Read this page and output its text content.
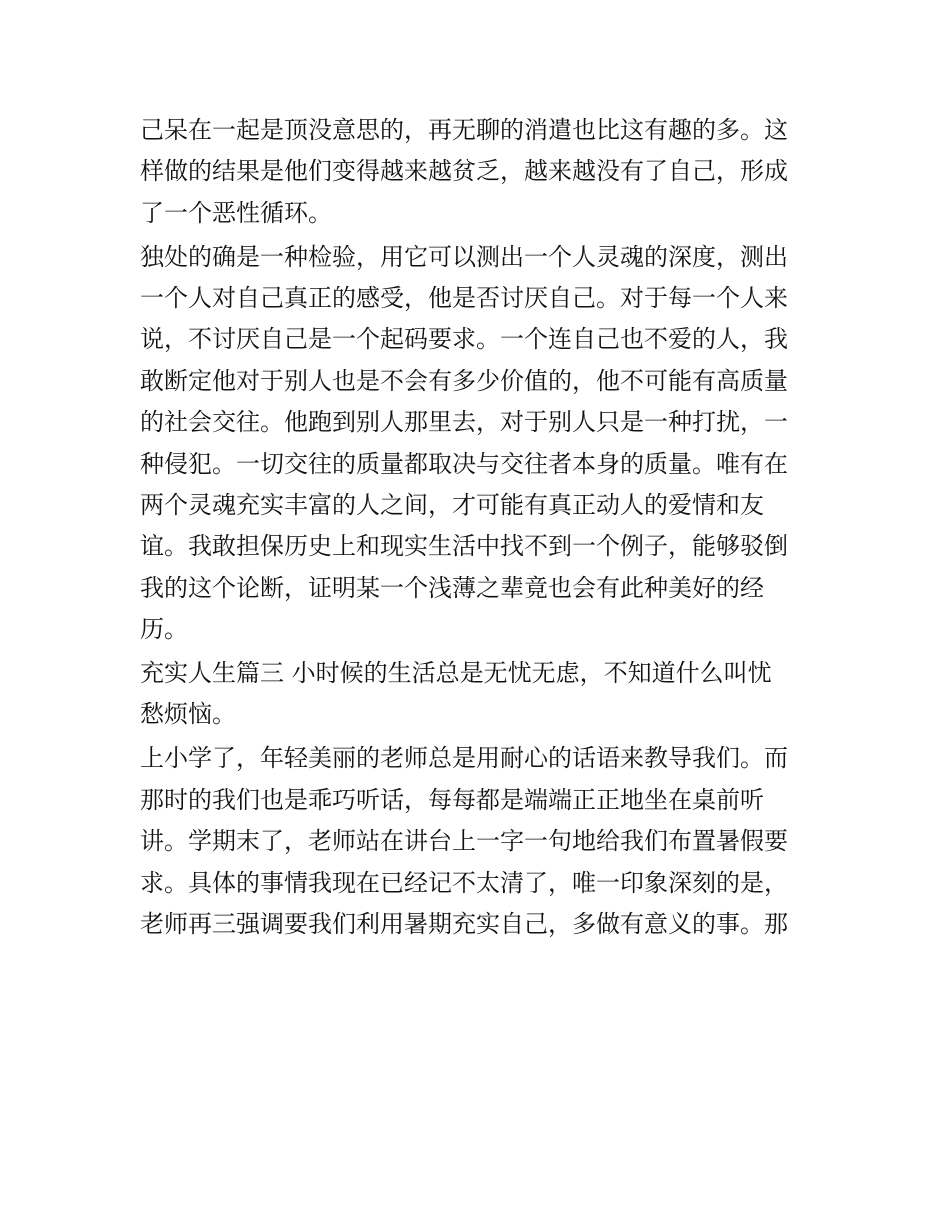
己呆在一起是顶没意思的，再无聊的消遣也比这有趣的多。这
样做的结果是他们变得越来越贫乏，越来越没有了自己，形成
了一个恶性循环。
独处的确是一种检验，用它可以测出一个人灵魂的深度，测出
一个人对自己真正的感受，他是否讨厌自己。对于每一个人来
说，不讨厌自己是一个起码要求。一个连自己也不爱的人，我
敢断定他对于别人也是不会有多少价值的，他不可能有高质量
的社会交往。他跑到别人那里去，对于别人只是一种打扰，一
种侵犯。一切交往的质量都取决与交往者本身的质量。唯有在
两个灵魂充实丰富的人之间，才可能有真正动人的爱情和友
谊。我敢担保历史上和现实生活中找不到一个例子，能够驳倒
我的这个论断，证明某一个浅薄之辈竟也会有此种美好的经
历。
充实人生篇三 小时候的生活总是无忧无虑，不知道什么叫忧
愁烦恼。
上小学了，年轻美丽的老师总是用耐心的话语来教导我们。而
那时的我们也是乖巧听话，每每都是端端正正地坐在桌前听
讲。学期末了，老师站在讲台上一字一句地给我们布置暑假要
求。具体的事情我现在已经记不太清了，唯一印象深刻的是，
老师再三强调要我们利用暑期充实自己，多做有意义的事。那
